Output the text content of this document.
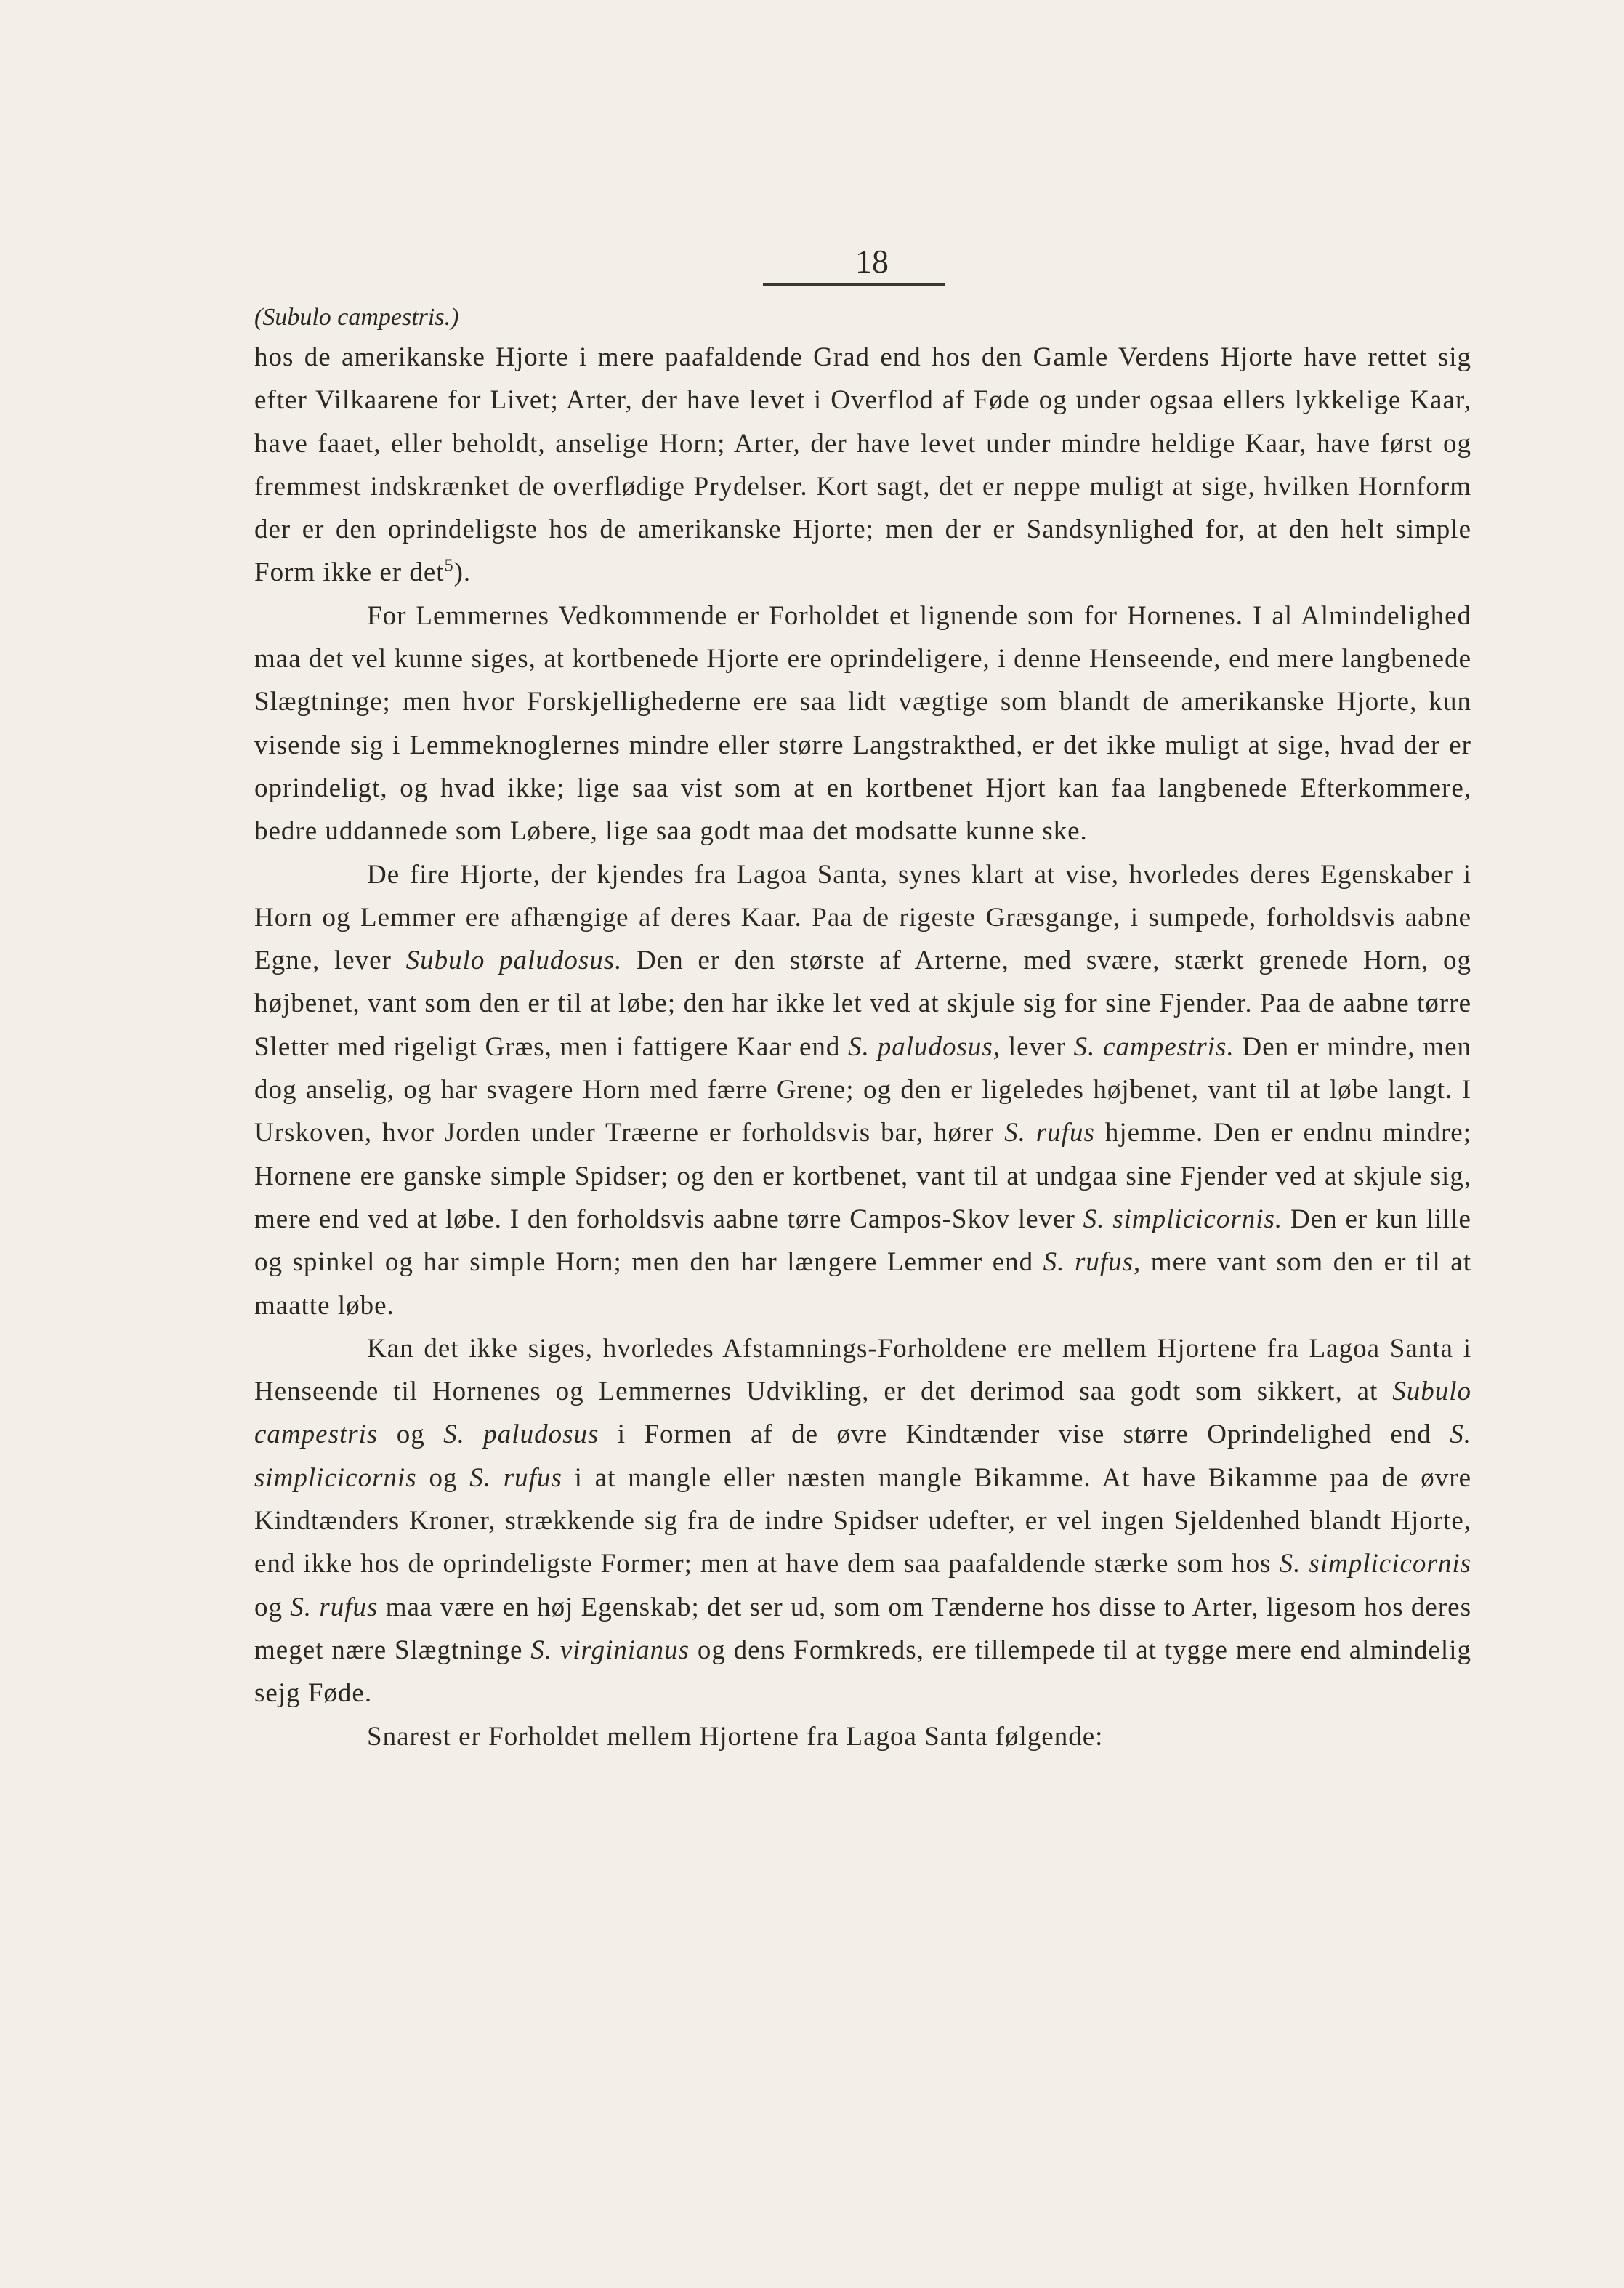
18
(Subulo campestris.)

hos de amerikanske Hjorte i mere paafaldende Grad end hos den Gamle Verdens Hjorte have rettet sig efter Vilkaarene for Livet; Arter, der have levet i Overflod af Føde og under ogsaa ellers lykkelige Kaar, have faaet, eller beholdt, anselige Horn; Arter, der have levet under mindre heldige Kaar, have først og fremmest indskrænket de overflødige Prydelser. Kort sagt, det er neppe muligt at sige, hvilken Hornform der er den oprindeligste hos de amerikanske Hjorte; men der er Sandsynlighed for, at den helt simple Form ikke er $\det^5$).

For Lemmernes Vedkommende er Forholdet et lignende som for Hornenes. I al Almindelighed maa det vel kunne siges, at kortbenede Hjorte ere oprindeligere, i denne Henseende, end mere langbenede Slægtninge; men hvor Forskjellighederne ere saa lidt vægtige som blandt de amerikanske Hjorte, kun visende sig i Lemmeknoglernes mindre eller større Langstrakthed, er det ikke muligt at sige, hvad der er oprindeligt, og hvad ikke; lige saa vist som at en kortbenet Hjort kan faa langbenede Efterkommere, bedre uddannede som Løbere, lige saa godt maa det modsatte kunne ske.

De fire Hjorte, der kjendes fra Lagoa Santa, synes klart at vise, hvorledes deres Egenskaber i Horn og Lemmer ere afhængige af deres Kaar. Paa de rigeste Græsgange, i sumpede, forholdsvis aabne Egne, lever Subulo paludosus. Den er den største af Arterne, med svære, stærkt grenede Horn, og højbenet, vant som den er til at løbe; den har ikke let ved at skjule sig for sine Fjender. Paa de aabne tørre Sletter med rigeligt Græs, men i fattigere Kaar end S. paludosus, lever S. campestris. Den er mindre, men dog anselig, og har svagere Horn med færre Grene; og den er ligeledes højbenet, vant til at løbe langt. I Urskoven, hvor Jorden under Træerne er forholdsvis bar, hører S. rufus hjemme. Den er endnu mindre; Hornene ere ganske simple Spidser; og den er kortbenet, vant til at undgaa sine Fjender ved at skjule sig, mere end ved at løbe. I den forholdsvis aabne tørre Campos-Skov lever S. simplicicornis. Den er kun lille og spinkel og har simple Horn; men den har længere Lemmer end S. rufus, mere vant som den er til at maatte løbe.

Kan det ikke siges, hvorledes Afstamnings-Forholdene ere mellem Hjortene fra Lagoa Santa i Henseende til Hornenes og Lemmernes Udvikling, er det derimod saa godt som sikkert, at Subulo campestris og S. paludosus i Formen af de øvre Kindtænder vise større Oprindelighed end S. simplicicornis og S. rufus i at mangle eller næsten mangle Bikamme. At have Bikamme paa de øvre Kindtænders Kroner, strækkende sig fra de indre Spidser udefter, er vel ingen Sjeldenhed blandt Hjorte, end ikke hos de oprindeligste Former; men at have dem saa paafaldende stærke som hos S. simplicicornis og S. rufus maa være en høj Egenskab; det ser ud, som om Tænderne hos disse to Arter, ligesom hos deres meget nære Slægtninge S. virginianus og dens Formkreds, ere tillempede til at tygge mere end almindelig sejg Føde.

Snarest er Forholdet mellem Hjortene fra Lagoa Santa følgende:
